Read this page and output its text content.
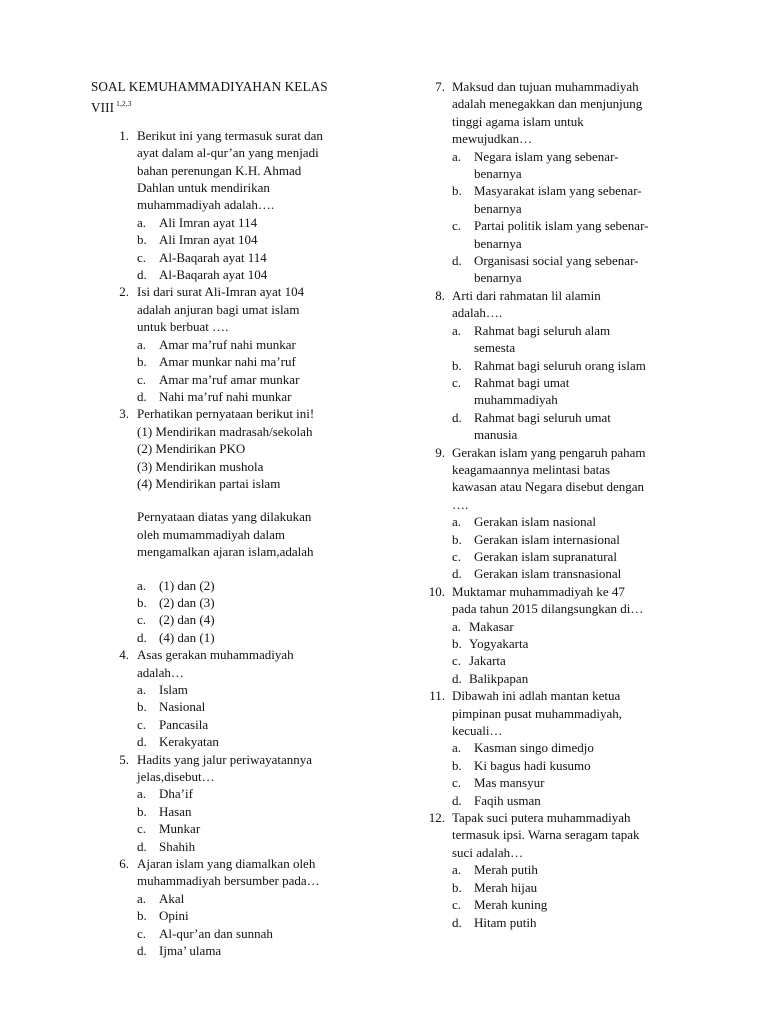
SOAL KEMUHAMMADIYAHAN KELAS
VIII $^{1,2,3}$
1. Berikut ini yang termasuk surat dan
ayat dalam al-qur’an yang menjadi
bahan perenungan K.H. Ahmad
Dahlan untuk mendirikan
muhammadiyah adalah….
a. Ali Imran ayat 114
b. Ali Imran ayat 104
c. Al-Baqarah ayat 114
d. Al-Baqarah ayat 104
2. Isi dari surat Ali-Imran ayat 104
adalah anjuran bagi umat islam
untuk berbuat ….
a. Amar ma’ruf nahi munkar
b. Amar munkar nahi ma’ruf
c. Amar ma’ruf amar munkar
d. Nahi ma’ruf nahi munkar
3. Perhatikan pernyataan berikut ini!
(1) Mendirikan madrasah/sekolah
(2) Mendirikan PKO
(3) Mendirikan mushola
(4) Mendirikan partai islam
Pernyataan diatas yang dilakukan
oleh mumammadiyah dalam
mengamalkan ajaran islam,adalah
a. (1) dan (2)
b. (2) dan (3)
c. (2) dan (4)
d. (4) dan (1)
4. Asas gerakan muhammadiyah
adalah…
a. Islam
b. Nasional
c. Pancasila
d. Kerakyatan
5. Hadits yang jalur periwayatannya
jelas,disebut…
a. Dha’if
b. Hasan
c. Munkar
d. Shahih
6. Ajaran islam yang diamalkan oleh
muhammadiyah bersumber pada…
a. Akal
b. Opini
c. Al-qur’an dan sunnah
d. Ijma’ ulama
7. Maksud dan tujuan muhammadiyah
adalah menegakkan dan menjunjung
tinggi agama islam untuk
mewujudkan…
a. Negara islam yang sebenar-
benarnya
b. Masyarakat islam yang sebenar-
benarnya
c. Partai politik islam yang sebenar-
benarnya
d. Organisasi social yang sebenar-
benarnya
8. Arti dari rahmatan lil alamin
adalah….
a. Rahmat bagi seluruh alam
semesta
b. Rahmat bagi seluruh orang islam
c. Rahmat bagi umat
muhammadiyah
d. Rahmat bagi seluruh umat
manusia
9. Gerakan islam yang pengaruh paham
keagamaannya melintasi batas
kawasan atau Negara disebut dengan
….
a. Gerakan islam nasional
b. Gerakan islam internasional
c. Gerakan islam supranatural
d. Gerakan islam transnasional
10. Muktamar muhammadiyah ke 47
pada tahun 2015 dilangsungkan di…
a. Makasar
b. Yogyakarta
c. Jakarta
d. Balikpapan
11. Dibawah ini adlah mantan ketua
pimpinan pusat muhammadiyah,
kecuali…
a. Kasman singo dimedjo
b. Ki bagus hadi kusumo
c. Mas mansyur
d. Faqih usman
12. Tapak suci putera muhammadiyah
termasuk ipsi. Warna seragam tapak
suci adalah…
a. Merah putih
b. Merah hijau
c. Merah kuning
d. Hitam putih
